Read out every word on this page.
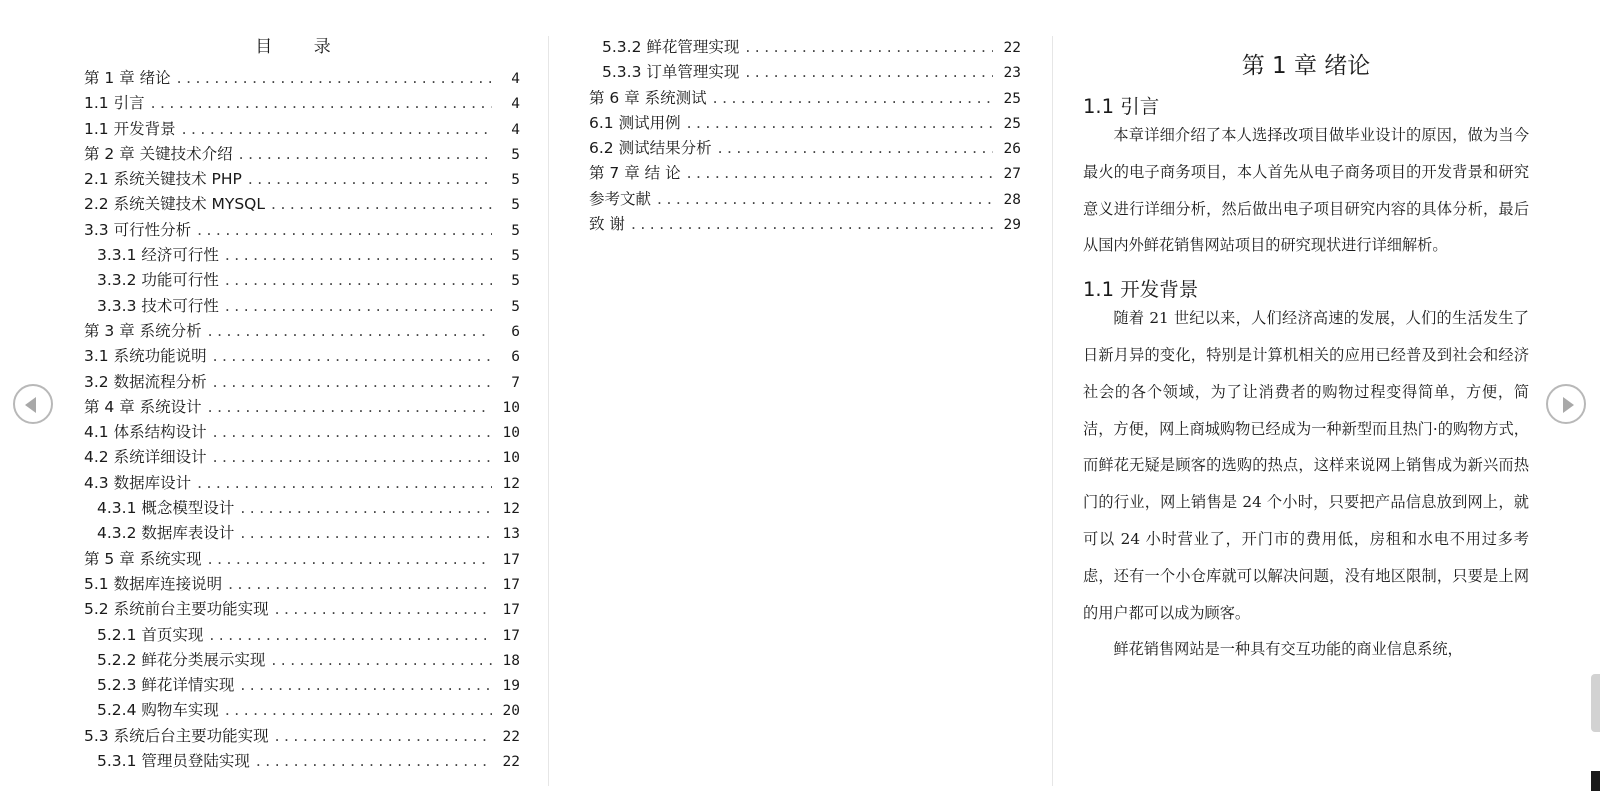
目 录
第 1 章 绪论 .....	4
1.1 引言 .....	4
1.1 开发背景 .....	4
第 2 章 关键技术介绍 .....	5
2.1 系统关键技术 PHP .....	5
2.2 系统关键技术 MYSQL .....	5
3.3 可行性分析 .....	5
3.3.1 经济可行性 .....	5
3.3.2 功能可行性 .....	5
3.3.3 技术可行性 .....	5
第 3 章 系统分析 .....	6
3.1 系统功能说明 .....	6
3.2 数据流程分析 .....	7
第 4 章 系统设计 .....	10
4.1 体系结构设计 .....	10
4.2 系统详细设计 .....	10
4.3 数据库设计 .....	12
4.3.1 概念模型设计 .....	12
4.3.2 数据库表设计 .....	13
第 5 章 系统实现 .....	17
5.1 数据库连接说明 .....	17
5.2 系统前台主要功能实现 .....	17
5.2.1 首页实现 .....	17
5.2.2 鲜花分类展示实现 .....	18
5.2.3 鲜花详情实现 .....	19
5.2.4 购物车实现 .....	20
5.3 系统后台主要功能实现 .....	22
5.3.1 管理员登陆实现 .....	22
5.3.2 鲜花管理实现 .....	22
5.3.3 订单管理实现 .....	23
第 6 章 系统测试 .....	25
6.1 测试用例 .....	25
6.2 测试结果分析 .....	26
第 7 章 结 论 .....	27
参考文献 .....	28
致 谢 .....	29
第 1 章 绪论
1.1 引言

本章详细介绍了本人选择改项目做毕业设计的原因，做为当今最火的电子商务项目，本人首先从电子商务项目的开发背景和研究意义进行详细分析，然后做出电子项目研究内容的具体分析，最后从国内外鲜花销售网站项目的研究现状进行详细解析。

1.1 开发背景

随着 21 世纪以来，人们经济高速的发展，人们的生活发生了日新月异的变化，特别是计算机相关的应用已经普及到社会和经济社会的各个领域，为了让消费者的购物过程变得简单，方便，简洁，方便，网上商城购物已经成为一种新型而且热门·的购物方式，而鲜花无疑是顾客的选购的热点，这样来说网上销售成为新兴而热门的行业，网上销售是 24 个小时，只要把产品信息放到网上，就可以 24 小时营业了，开门市的费用低，房租和水电不用过多考虑，还有一个小仓库就可以解决问题，没有地区限制，只要是上网的用户都可以成为顾客。

鲜花销售网站是一种具有交互功能的商业信息系统，
